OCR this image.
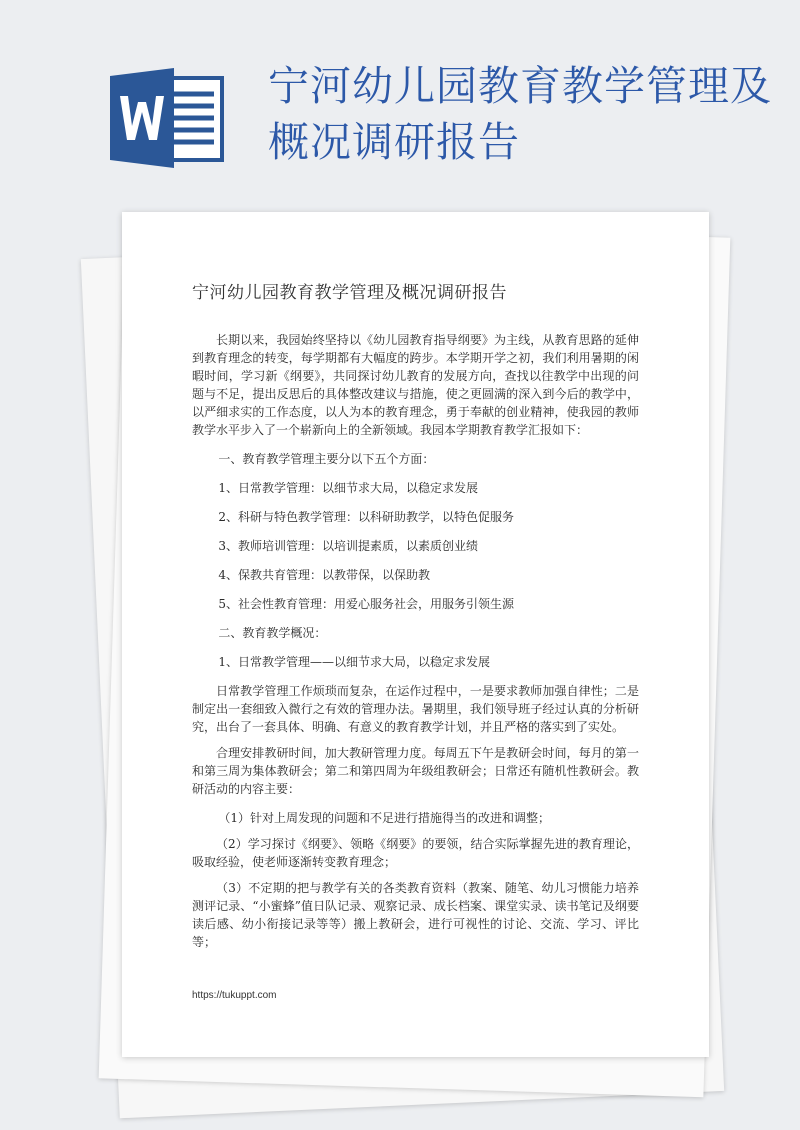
宁河幼儿园教育教学管理及概况调研报告
宁河幼儿园教育教学管理及概况调研报告

长期以来，我园始终坚持以《幼儿园教育指导纲要》为主线，从教育思路的延伸到教育理念的转变，每学期都有大幅度的跨步。本学期开学之初，我们利用暑期的闲暇时间，学习新《纲要》，共同探讨幼儿教育的发展方向，查找以往教学中出现的问题与不足，提出反思后的具体整改建议与措施，使之更圆满的深入到今后的教学中，以严细求实的工作态度，以人为本的教育理念，勇于奉献的创业精神，使我园的教师教学水平步入了一个崭新向上的全新领域。我园本学期教育教学汇报如下：

一、教育教学管理主要分以下五个方面：

1、日常教学管理：以细节求大局，以稳定求发展

2、科研与特色教学管理：以科研助教学，以特色促服务

3、教师培训管理：以培训提素质，以素质创业绩

4、保教共育管理：以教带保，以保助教

5、社会性教育管理：用爱心服务社会，用服务引领生源

二、教育教学概况：

1、日常教学管理——以细节求大局，以稳定求发展

日常教学管理工作烦琐而复杂，在运作过程中，一是要求教师加强自律性；二是制定出一套细致入微行之有效的管理办法。暑期里，我们领导班子经过认真的分析研究，出台了一套具体、明确、有意义的教育教学计划，并且严格的落实到了实处。

合理安排教研时间，加大教研管理力度。每周五下午是教研会时间，每月的第一和第三周为集体教研会；第二和第四周为年级组教研会；日常还有随机性教研会。教研活动的内容主要：

（1）针对上周发现的问题和不足进行措施得当的改进和调整；

（2）学习探讨《纲要》、领略《纲要》的要领，结合实际掌握先进的教育理论，吸取经验，使老师逐渐转变教育理念；

（3）不定期的把与教学有关的各类教育资料（教案、随笔、幼儿习惯能力培养测评记录、“小蜜蜂”值日队记录、观察记录、成长档案、课堂实录、读书笔记及纲要读后感、幼小衔接记录等等）搬上教研会，进行可视性的讨论、交流、学习、评比等；

https://tukuppt.com
